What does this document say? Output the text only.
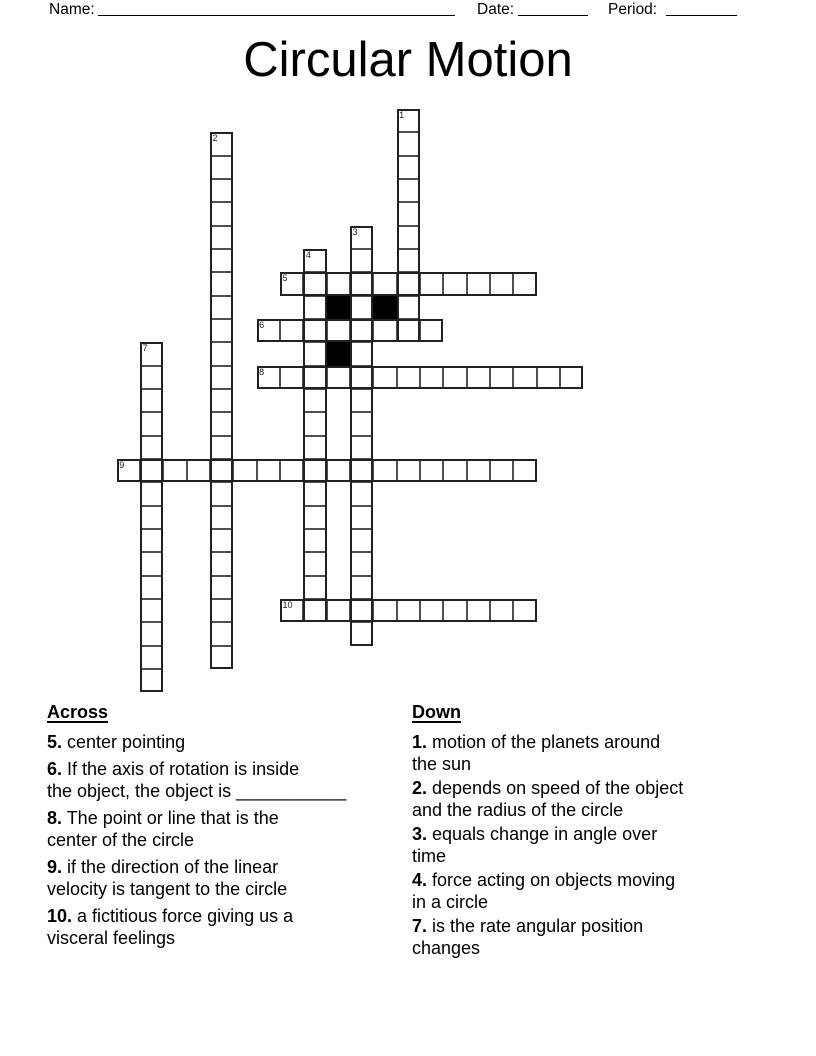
Name:	Date:	Period:
Circular Motion
1
2
3
4
5
6
7
8
9
10
Across
5. center pointing
6. If the axis of rotation is inside
the object, the object is ___________
8. The point or line that is the
center of the circle
9. if the direction of the linear
velocity is tangent to the circle
10. a fictitious force giving us a
visceral feelings
Down
1. motion of the planets around
the sun
2. depends on speed of the object
and the radius of the circle
3. equals change in angle over
time
4. force acting on objects moving
in a circle
7. is the rate angular position
changes
